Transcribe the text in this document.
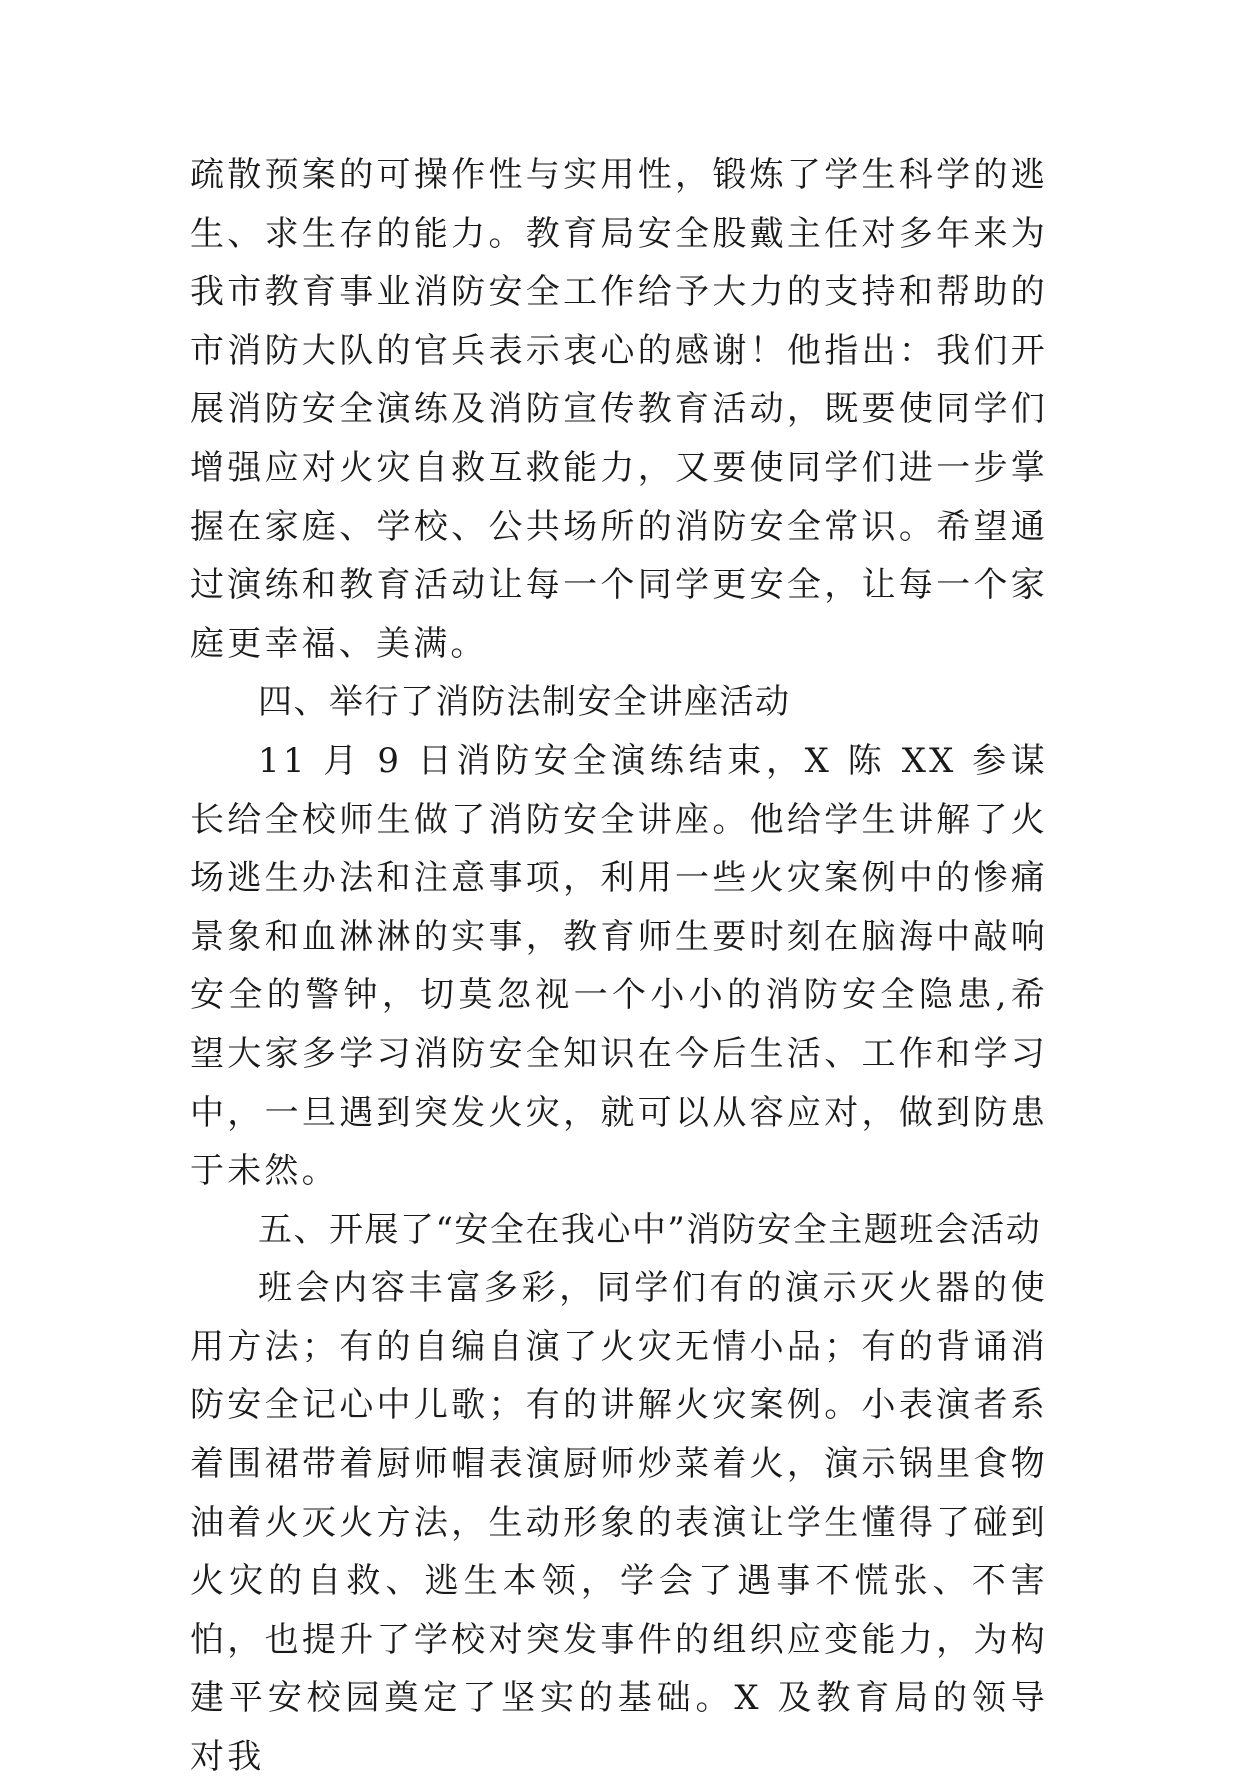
疏散预案的可操作性与实用性，锻炼了学生科学的逃生、求生存的能力。教育局安全股戴主任对多年来为我市教育事业消防安全工作给予大力的支持和帮助的市消防大队的官兵表示衷心的感谢！他指出：我们开展消防安全演练及消防宣传教育活动，既要使同学们增强应对火灾自救互救能力，又要使同学们进一步掌握在家庭、学校、公共场所的消防安全常识。希望通过演练和教育活动让每一个同学更安全，让每一个家庭更幸福、美满。

四、举行了消防法制安全讲座活动

11 月 9 日消防安全演练结束，X 陈 XX 参谋长给全校师生做了消防安全讲座。他给学生讲解了火场逃生办法和注意事项，利用一些火灾案例中的惨痛景象和血淋淋的实事，教育师生要时刻在脑海中敲响安全的警钟，切莫忽视一个小小的消防安全隐患,希望大家多学习消防安全知识在今后生活、工作和学习中，一旦遇到突发火灾，就可以从容应对，做到防患于未然。

五、开展了“安全在我心中”消防安全主题班会活动

班会内容丰富多彩，同学们有的演示灭火器的使用方法；有的自编自演了火灾无情小品；有的背诵消防安全记心中儿歌；有的讲解火灾案例。小表演者系着围裙带着厨师帽表演厨师炒菜着火，演示锅里食物油着火灭火方法，生动形象的表演让学生懂得了碰到火灾的自救、逃生本领，学会了遇事不慌张、不害怕，也提升了学校对突发事件的组织应变能力，为构建平安校园奠定了坚实的基础。X 及教育局的领导对我
